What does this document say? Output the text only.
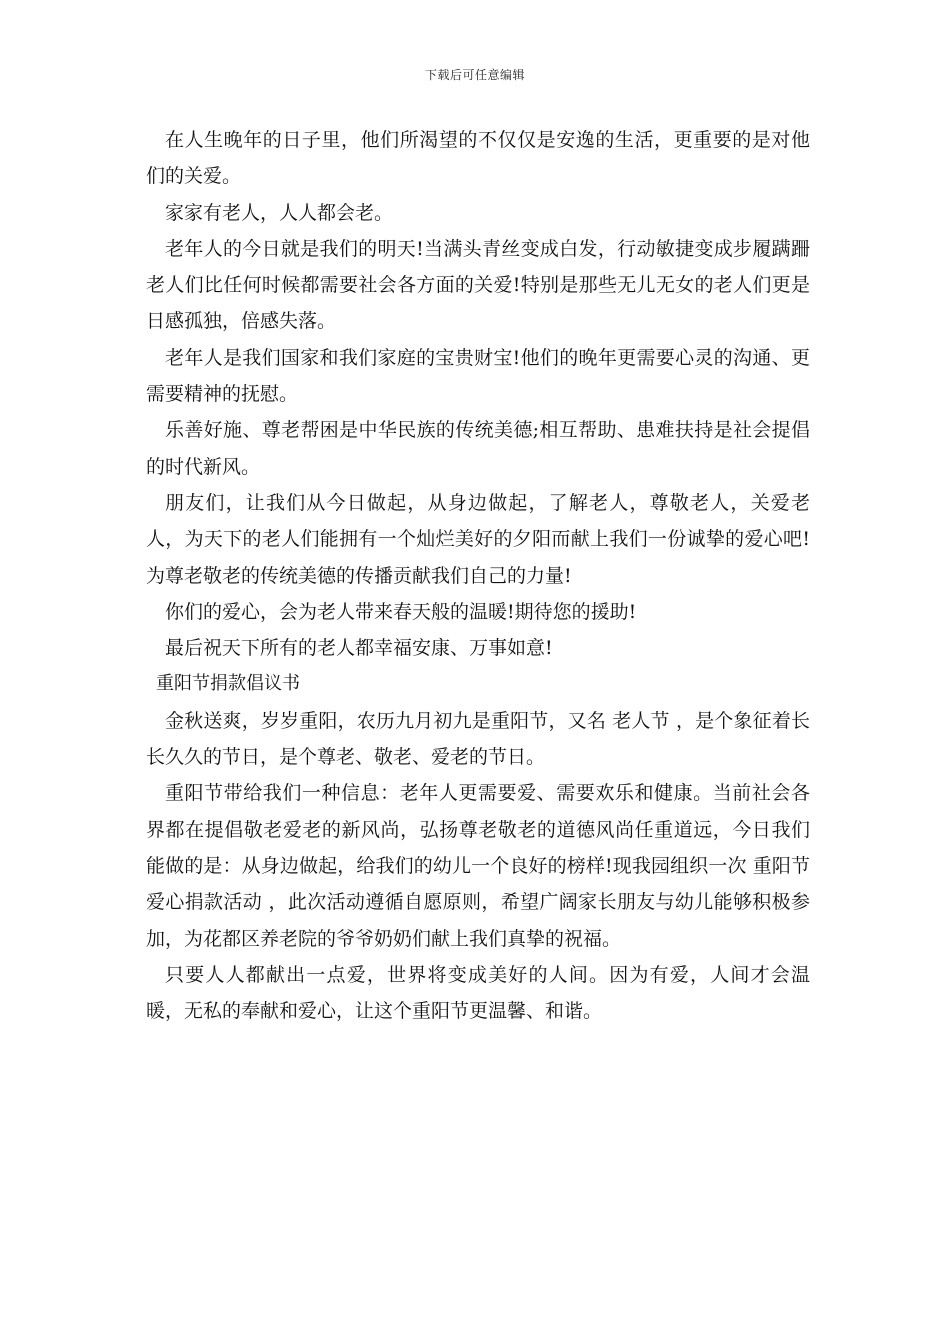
下载后可任意编辑

在人生晚年的日子里，他们所渴望的不仅仅是安逸的生活，更重要的是对他们的关爱。

家家有老人，人人都会老。

老年人的今日就是我们的明天!当满头青丝变成白发，行动敏捷变成步履蹒跚老人们比任何时候都需要社会各方面的关爱!特别是那些无儿无女的老人们更是日感孤独，倍感失落。

老年人是我们国家和我们家庭的宝贵财宝!他们的晚年更需要心灵的沟通、更需要精神的抚慰。

乐善好施、尊老帮困是中华民族的传统美德;相互帮助、患难扶持是社会提倡的时代新风。

朋友们，让我们从今日做起，从身边做起，了解老人，尊敬老人，关爱老人，为天下的老人们能拥有一个灿烂美好的夕阳而献上我们一份诚挚的爱心吧!为尊老敬老的传统美德的传播贡献我们自己的力量!

你们的爱心，会为老人带来春天般的温暖!期待您的援助!

最后祝天下所有的老人都幸福安康、万事如意!

重阳节捐款倡议书

金秋送爽，岁岁重阳，农历九月初九是重阳节，又名 老人节 ，是个象征着长长久久的节日，是个尊老、敬老、爱老的节日。

重阳节带给我们一种信息：老年人更需要爱、需要欢乐和健康。当前社会各界都在提倡敬老爱老的新风尚，弘扬尊老敬老的道德风尚任重道远，今日我们能做的是：从身边做起，给我们的幼儿一个良好的榜样!现我园组织一次 重阳节爱心捐款活动 ，此次活动遵循自愿原则，希望广阔家长朋友与幼儿能够积极参加，为花都区养老院的爷爷奶奶们献上我们真挚的祝福。

只要人人都献出一点爱，世界将变成美好的人间。因为有爱，人间才会温暖，无私的奉献和爱心，让这个重阳节更温馨、和谐。
